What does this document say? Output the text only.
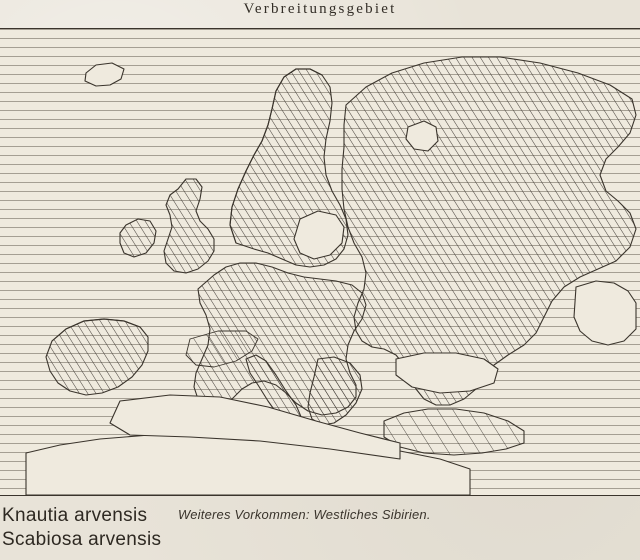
Verbreitungsgebiet
Knautia arvensis
Scabiosa arvensis
Weiteres Vorkommen: Westliches Sibirien.
